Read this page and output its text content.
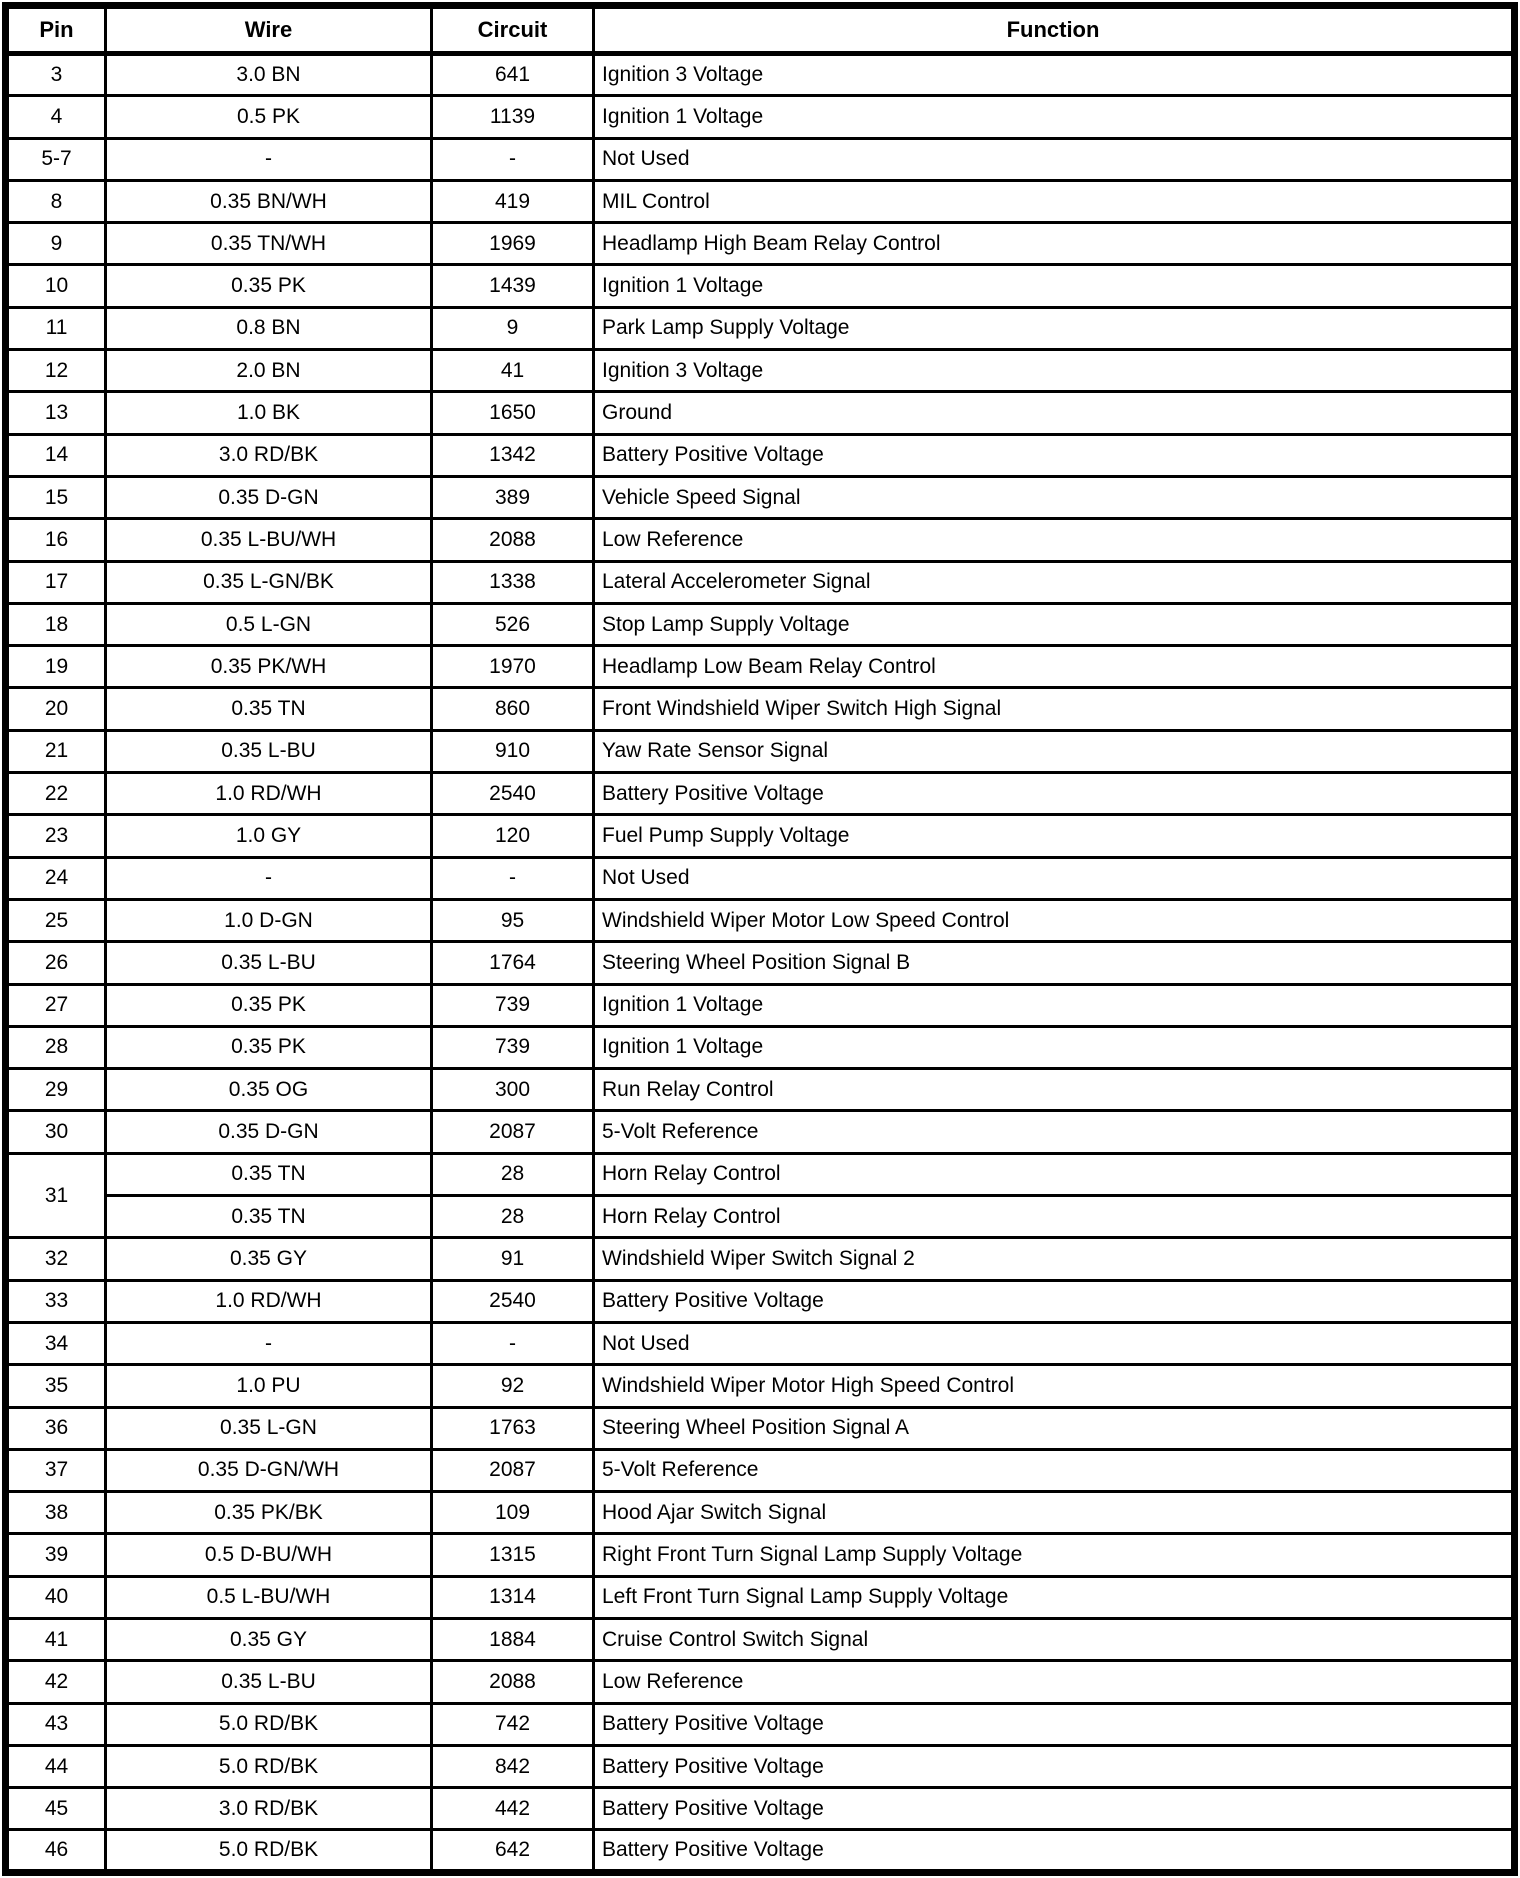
Pin	Wire	Circuit	Function
3	3.0 BN	641	Ignition 3 Voltage
4	0.5 PK	1139	Ignition 1 Voltage
5-7	-	-	Not Used
8	0.35 BN/WH	419	MIL Control
9	0.35 TN/WH	1969	Headlamp High Beam Relay Control
10	0.35 PK	1439	Ignition 1 Voltage
11	0.8 BN	9	Park Lamp Supply Voltage
12	2.0 BN	41	Ignition 3 Voltage
13	1.0 BK	1650	Ground
14	3.0 RD/BK	1342	Battery Positive Voltage
15	0.35 D-GN	389	Vehicle Speed Signal
16	0.35 L-BU/WH	2088	Low Reference
17	0.35 L-GN/BK	1338	Lateral Accelerometer Signal
18	0.5 L-GN	526	Stop Lamp Supply Voltage
19	0.35 PK/WH	1970	Headlamp Low Beam Relay Control
20	0.35 TN	860	Front Windshield Wiper Switch High Signal
21	0.35 L-BU	910	Yaw Rate Sensor Signal
22	1.0 RD/WH	2540	Battery Positive Voltage
23	1.0 GY	120	Fuel Pump Supply Voltage
24	-	-	Not Used
25	1.0 D-GN	95	Windshield Wiper Motor Low Speed Control
26	0.35 L-BU	1764	Steering Wheel Position Signal B
27	0.35 PK	739	Ignition 1 Voltage
28	0.35 PK	739	Ignition 1 Voltage
29	0.35 OG	300	Run Relay Control
30	0.35 D-GN	2087	5-Volt Reference
31	0.35 TN	28	Horn Relay Control
	0.35 TN	28	Horn Relay Control
32	0.35 GY	91	Windshield Wiper Switch Signal 2
33	1.0 RD/WH	2540	Battery Positive Voltage
34	-	-	Not Used
35	1.0 PU	92	Windshield Wiper Motor High Speed Control
36	0.35 L-GN	1763	Steering Wheel Position Signal A
37	0.35 D-GN/WH	2087	5-Volt Reference
38	0.35 PK/BK	109	Hood Ajar Switch Signal
39	0.5 D-BU/WH	1315	Right Front Turn Signal Lamp Supply Voltage
40	0.5 L-BU/WH	1314	Left Front Turn Signal Lamp Supply Voltage
41	0.35 GY	1884	Cruise Control Switch Signal
42	0.35 L-BU	2088	Low Reference
43	5.0 RD/BK	742	Battery Positive Voltage
44	5.0 RD/BK	842	Battery Positive Voltage
45	3.0 RD/BK	442	Battery Positive Voltage
46	5.0 RD/BK	642	Battery Positive Voltage
